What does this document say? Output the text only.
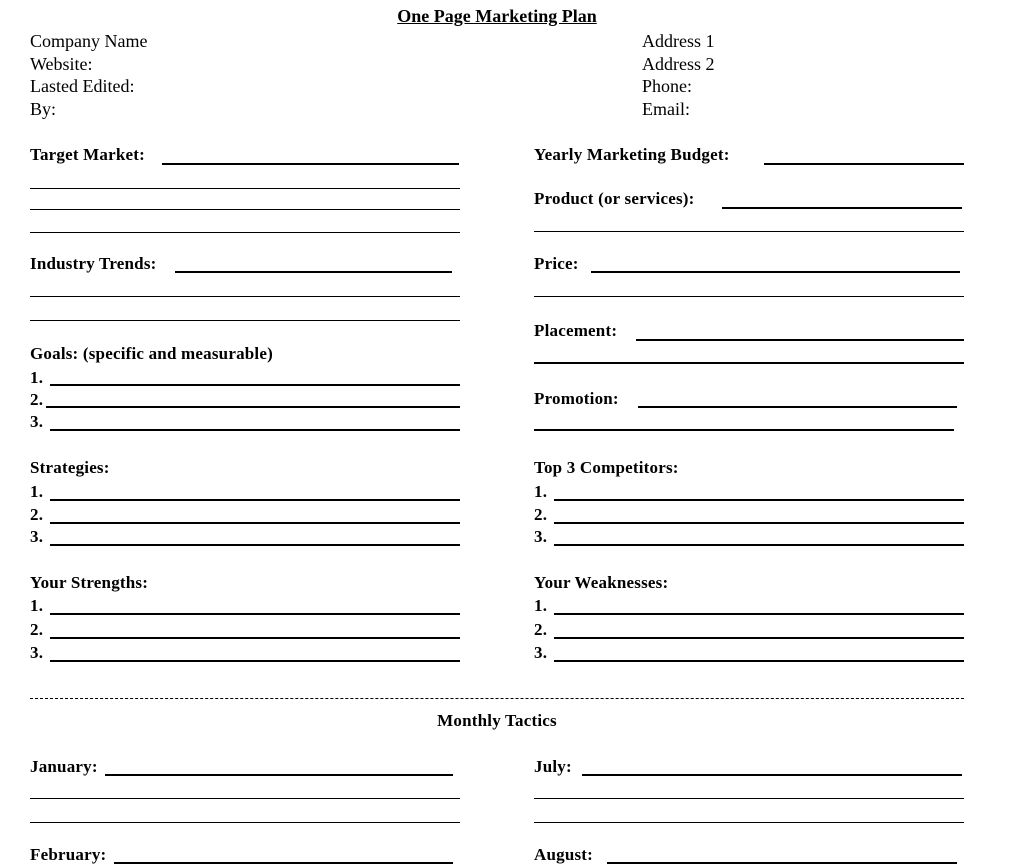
One Page Marketing Plan
Company Name
Website:
Lasted Edited:
By:
Address 1
Address 2
Phone:
Email:
Target Market:
Industry Trends:
Goals: (specific and measurable)
1.
2.
3.
Strategies:
1.
2.
3.
Your Strengths:
1.
2.
3.
Yearly Marketing Budget:
Product (or services):
Price:
Placement:
Promotion:
Top 3 Competitors:
1.
2.
3.
Your Weaknesses:
1.
2.
3.
Monthly Tactics
January:	July:
February:	August:
